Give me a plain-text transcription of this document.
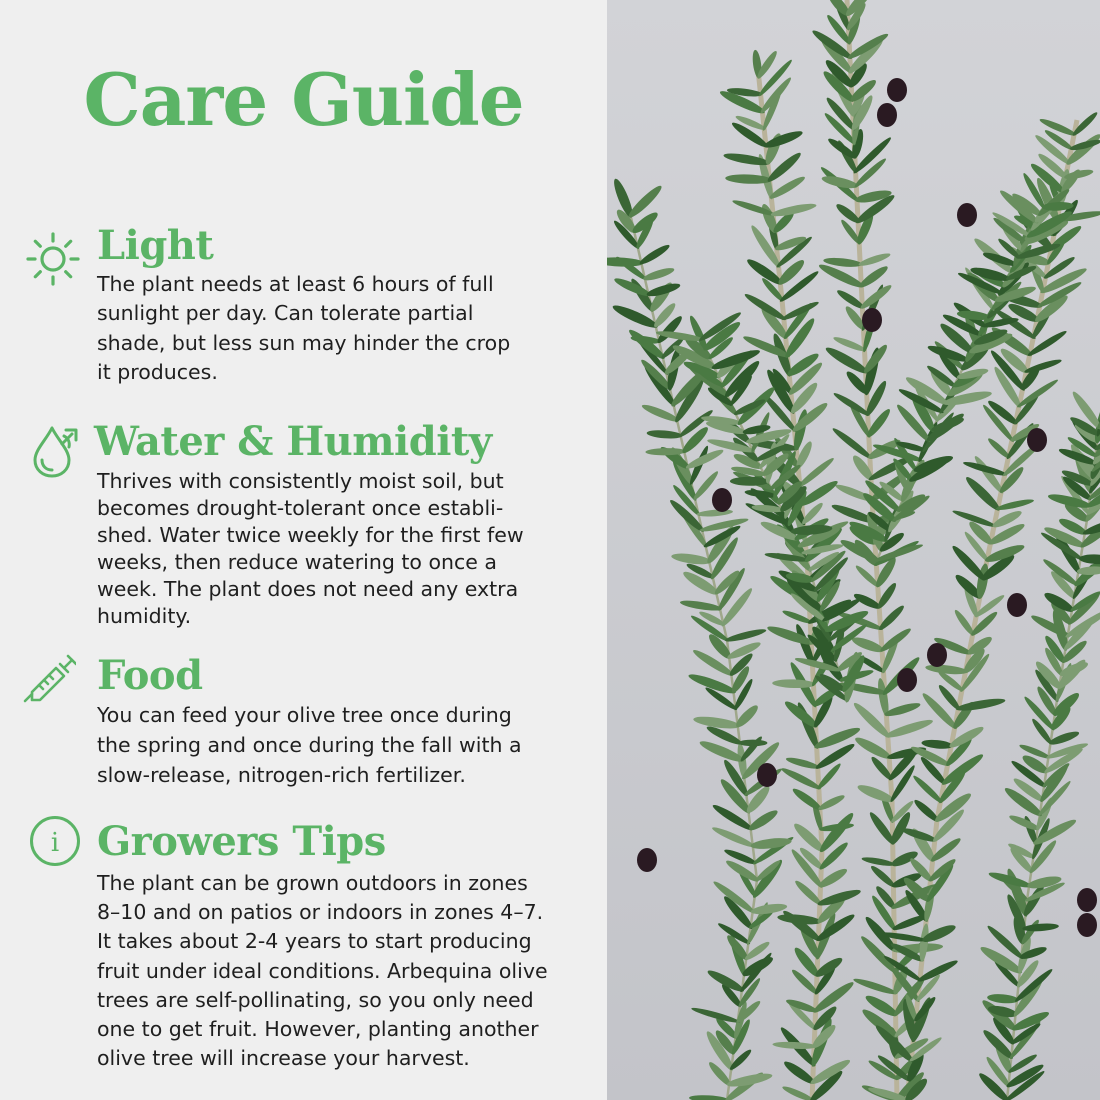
Care Guide
Light
The plant needs at least 6 hours of full
sunlight per day. Can tolerate partial
shade, but less sun may hinder the crop
it produces.
Water & Humidity
Thrives with consistently moist soil, but
becomes drought-tolerant once establi-
shed. Water twice weekly for the first few
weeks, then reduce watering to once a
week. The plant does not need any extra
humidity.
Food
You can feed your olive tree once during
the spring and once during the fall with a
slow-release, nitrogen-rich fertilizer.
i Growers Tips
The plant can be grown outdoors in zones
8–10 and on patios or indoors in zones 4–7.
It takes about 2-4 years to start producing
fruit under ideal conditions. Arbequina olive
trees are self-pollinating, so you only need
one to get fruit. However, planting another
olive tree will increase your harvest.
